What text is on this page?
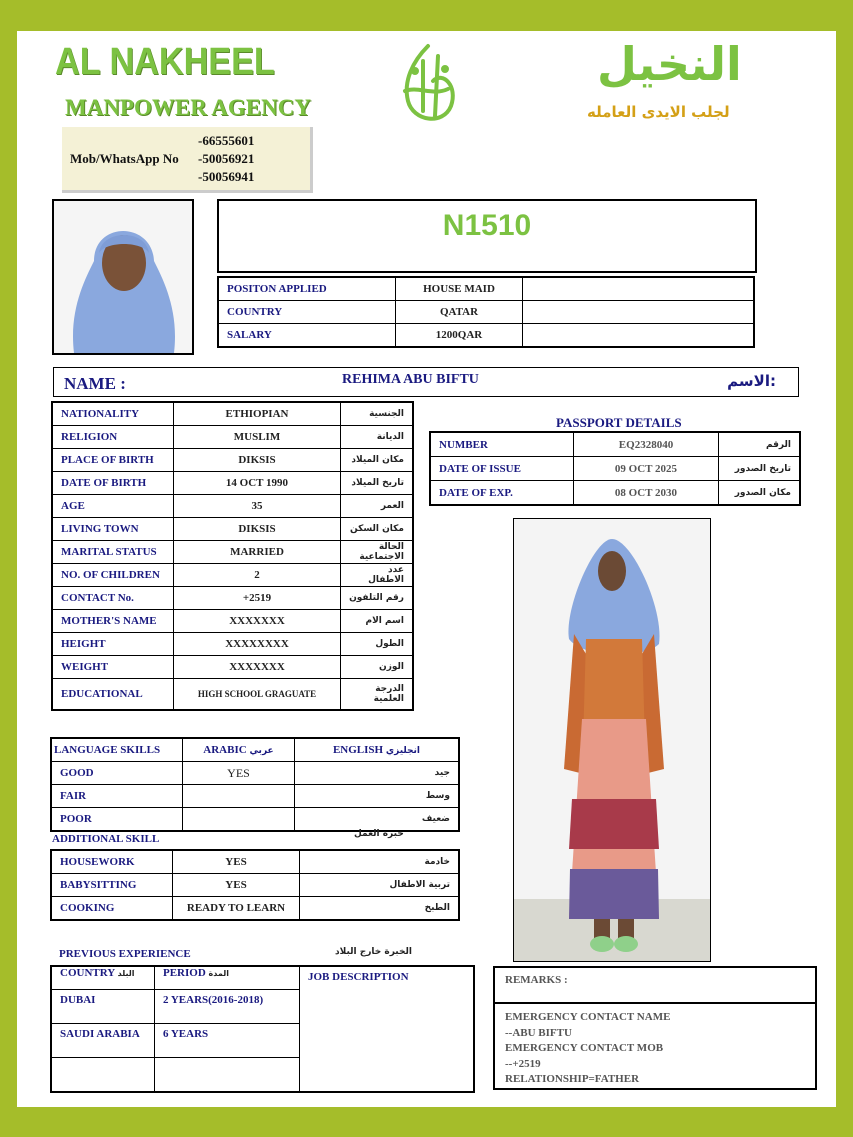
AL NAKHEEL
MANPOWER AGENCY
Mob/WhatsApp No
-66555601
-50056921
-50056941
النخيل
لجلب الايدى العامله
N1510
POSITON APPLIED	HOUSE MAID	
COUNTRY	QATAR	
SALARY	1200QAR	
NAME :	REHIMA ABU BIFTU	الاسم:
NATIONALITY	ETHIOPIAN	الجنسية
RELIGION	MUSLIM	الديانة
PLACE OF BIRTH	DIKSIS	مكان الميلاد
DATE OF BIRTH	14 OCT 1990	تاريخ الميلاد
AGE	35	العمر
LIVING TOWN	DIKSIS	مكان السكن
MARITAL STATUS	MARRIED	الحالة الاجتماعية
NO. OF CHILDREN	2	عدد الاطفال
CONTACT No.	+2519	رقم التلفون
MOTHER'S NAME	XXXXXXX	اسم الام
HEIGHT	XXXXXXXX	الطول
WEIGHT	XXXXXXX	الوزن
EDUCATIONAL	HIGH SCHOOL GRAGUATE	الدرجة العلمية
PASSPORT DETAILS
NUMBER	EQ2328040	الرقم
DATE OF ISSUE	09 OCT 2025	تاريخ الصدور
DATE OF EXP.	08 OCT 2030	مكان الصدور
LANGUAGE SKILLS	ARABIC عربي	ENGLISH انجليزي
GOOD	YES	جيد
FAIR		وسط
POOR		ضعيف
ADDITIONAL SKILL	خبرة العمل
HOUSEWORK	YES	خادمة
BABYSITTING	YES	تربية الاطفال
COOKING	READY TO LEARN	الطبخ
PREVIOUS EXPERIENCE	الخبرة خارج البلاد
COUNTRY البلد	PERIOD المدة	JOB DESCRIPTION
DUBAI	2 YEARS(2016-2018)	
SAUDI ARABIA	6 YEARS	

REMARKS :
EMERGENCY CONTACT NAME
--ABU BIFTU
EMERGENCY CONTACT MOB
--+2519
RELATIONSHIP=FATHER
